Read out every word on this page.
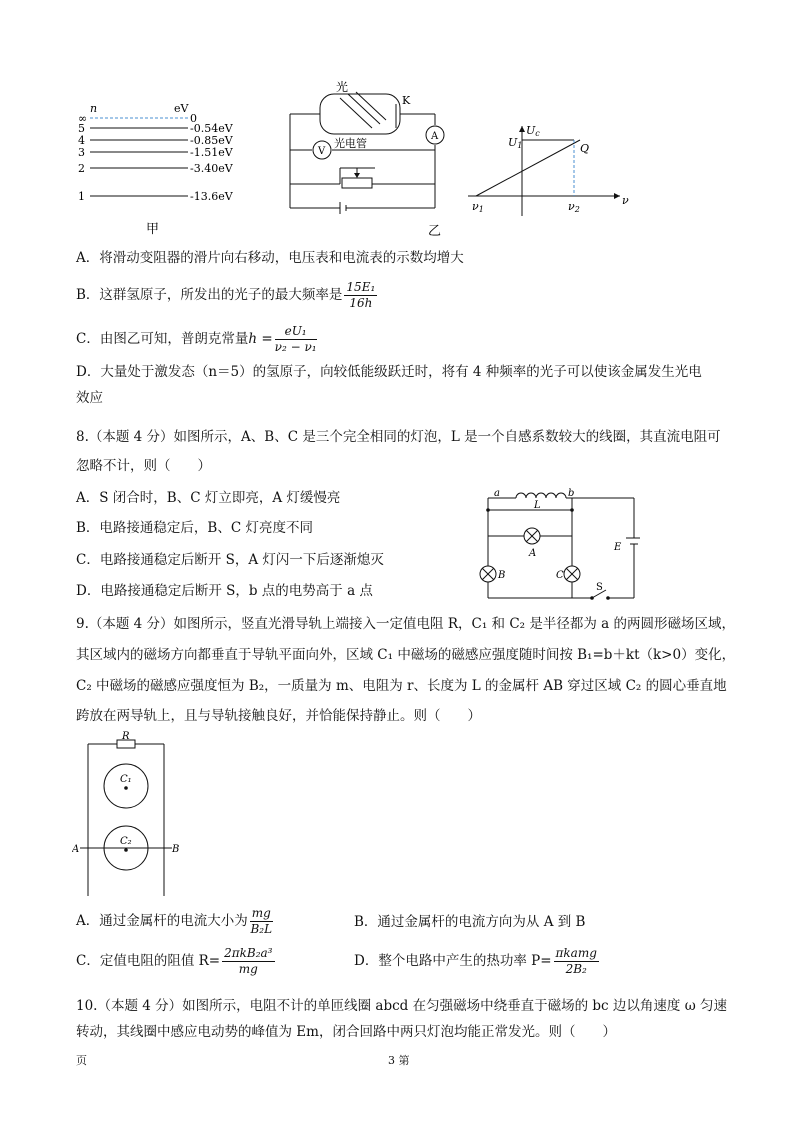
n	eV
∞	0
5	-0.54eV
4	-0.85eV
3	-1.51eV
2	-3.40eV
1	-13.6eV
甲
光
K
光电管
A
V
乙
Uc
U1	Q
ν1	ν2
ν
A．将滑动变阻器的滑片向右移动，电压表和电流表的示数均增大
B．这群氢原子，所发出的光子的最大频率是 $\frac{\text{15E₁}}{16h}$
C．由图乙可知，普朗克常量$h = \frac{\text{eU₁}}{\text{ν₂ − ν₁}}$
D．大量处于激发态（n＝5）的氢原子，向较低能级跃迁时，将有 4 种频率的光子可以使该金属发生光电
效应
8.（本题 4 分）如图所示，A、B、C 是三个完全相同的灯泡，L 是一个自感系数较大的线圈，其直流电阻可
忽略不计，则（　　）
A．S 闭合时，B、C 灯立即亮，A 灯缓慢亮
B．电路接通稳定后，B、C 灯亮度不同
C．电路接通稳定后断开 S，A 灯闪一下后逐渐熄灭
D．电路接通稳定后断开 S，b 点的电势高于 a 点
a	b
L
A
B	C
E
S
9.（本题 4 分）如图所示，竖直光滑导轨上端接入一定值电阻 R，C₁ 和 C₂ 是半径都为 a 的两圆形磁场区域，
其区域内的磁场方向都垂直于导轨平面向外，区域 C₁ 中磁场的磁感应强度随时间按 B₁=b＋kt（k>0）变化，
C₂ 中磁场的磁感应强度恒为 B₂，一质量为 m、电阻为 r、长度为 L 的金属杆 AB 穿过区域 C₂ 的圆心垂直地
跨放在两导轨上，且与导轨接触良好，并恰能保持静止。则（　　）
R
C₁
C₂
A	B
A．通过金属杆的电流大小为 $\frac{mg}{\text{B₂L}}$	B．通过金属杆的电流方向为从 A 到 B
C．定值电阻的阻值 $R= \frac{\text{2πkB₂a³}}{mg}$	D．整个电路中产生的热功率 $P= \frac{\text{πkamg}}{\text{2B₂}}$
10.（本题 4 分）如图所示，电阻不计的单匝线圈 abcd 在匀强磁场中绕垂直于磁场的 bc 边以角速度 ω 匀速
转动，其线圈中感应电动势的峰值为 Em，闭合回路中两只灯泡均能正常发光。则（　　）
页	3 第
